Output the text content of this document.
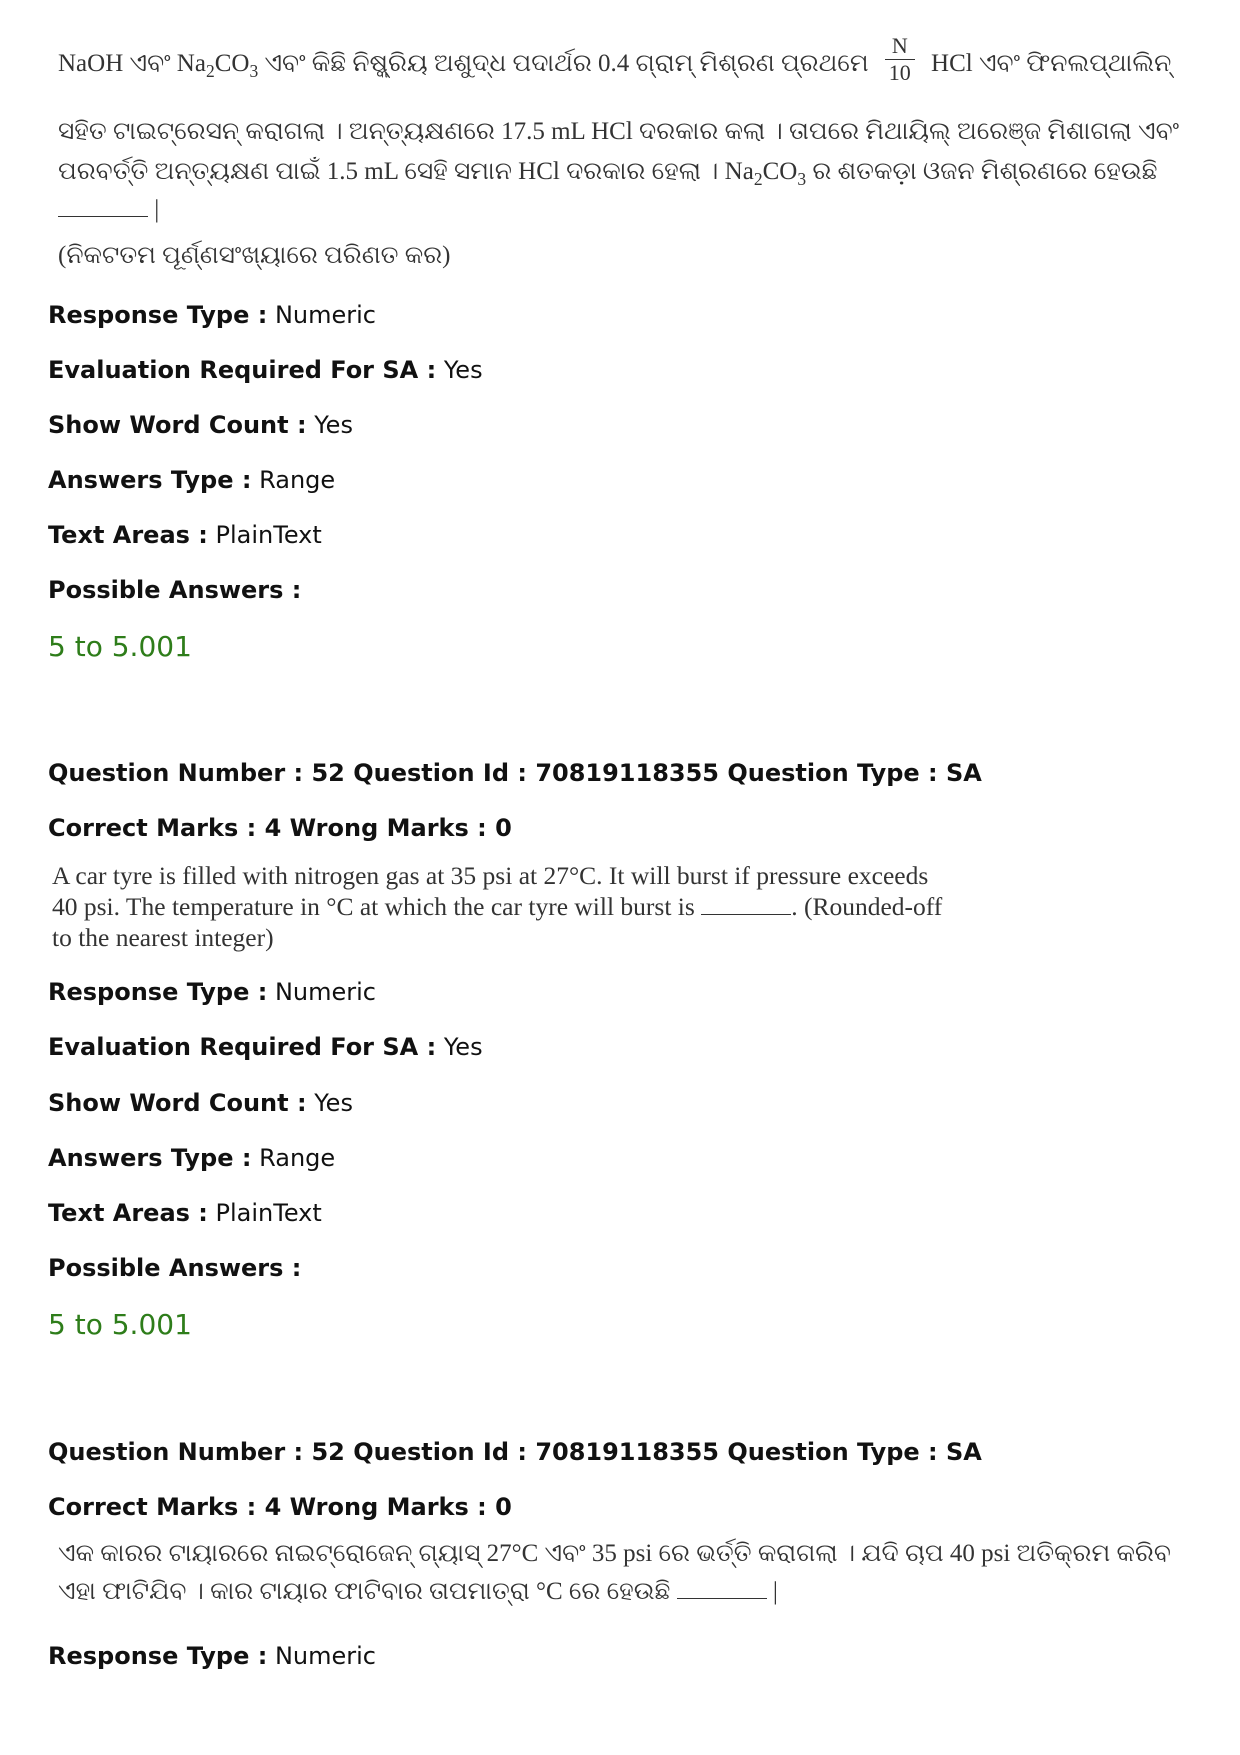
NaOH ଏବଂ $Na_2CO_3$ ଏବଂ କିଛି ନିଷ୍କ୍ରିୟ ଅଶୁଦ୍ଧ ପଦାର୍ଥର 0.4 ଗ୍ରାମ୍ ମିଶ୍ରଣ ପ୍ରଥମେ $\frac{N}{10}$ HCl ଏବଂ ଫିନଲପ୍ଥାଲିନ୍
ସହିତ ଟାଇଟ୍ରେସନ୍ କରାଗଲା । ଅନ୍ତ୍ୟକ୍ଷଣରେ 17.5 mL HCl ଦରକାର କଲା । ତାପରେ ମିଥାୟିଲ୍ ଅରେଞ୍ଜ ମିଶାଗଲା ଏବଂ
ପରବର୍ତ୍ତି ଅନ୍ତ୍ୟକ୍ଷଣ ପାଇଁ 1.5 mL ସେହି ସମାନ HCl ଦରକାର ହେଲା । $Na_2CO_3$ ର ଶତକଡ଼ା ଓଜନ ମିଶ୍ରଣରେ ହେଉଛି
|
(ନିକଟତମ ପୂର୍ଣ୍ଣସଂଖ୍ୟାରେ ପରିଣତ କର)
Response Type : Numeric
Evaluation Required For SA : Yes
Show Word Count : Yes
Answers Type : Range
Text Areas : PlainText
Possible Answers :
5 to 5.001
Question Number : 52 Question Id : 70819118355 Question Type : SA
Correct Marks : 4 Wrong Marks : 0
A car tyre is filled with nitrogen gas at 35 psi at 27°C. It will burst if pressure exceeds 40 psi. The temperature in °C at which the car tyre will burst is	. (Rounded-off to the nearest integer)
Response Type : Numeric
Evaluation Required For SA : Yes
Show Word Count : Yes
Answers Type : Range
Text Areas : PlainText
Possible Answers :
5 to 5.001
Question Number : 52 Question Id : 70819118355 Question Type : SA
Correct Marks : 4 Wrong Marks : 0
ଏକ କାରର ଟାୟାରରେ ନାଇଟ୍ରୋଜେନ୍ ଗ୍ୟାସ୍ 27°C ଏବଂ 35 psi ରେ ଭର୍ତ୍ତି କରାଗଲା । ଯଦି ଚାପ 40 psi ଅତିକ୍ରମ କରିବ
ଏହା ଫାଟିଯିବ । କାର ଟାୟାର ଫାଟିବାର ତାପମାତ୍ରା °C ରେ ହେଉଛି	|
Response Type : Numeric
